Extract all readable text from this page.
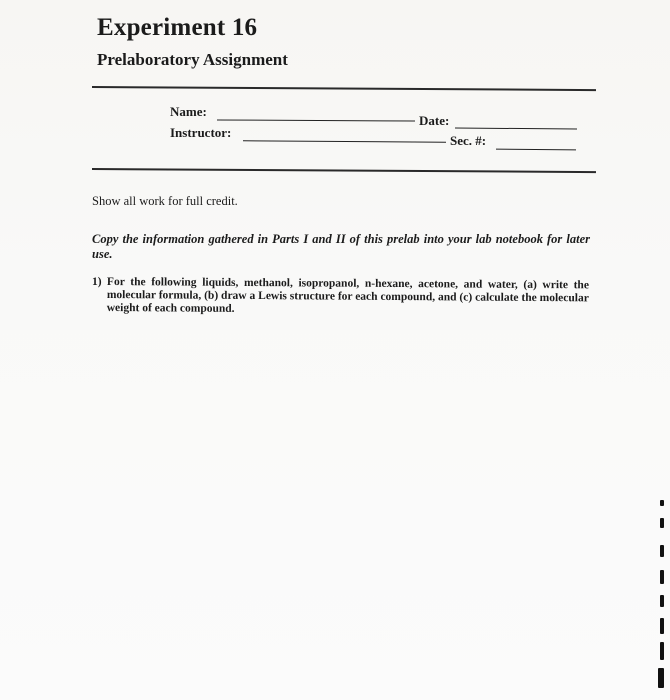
Experiment 16
Prelaboratory Assignment
Name:
Date:
Instructor:
Sec. #:
Show all work for full credit.
Copy the information gathered in Parts I and II of this prelab into your lab notebook for later use.
1) For the following liquids, methanol, isopropanol, n-hexane, acetone, and water, (a) write the molecular formula, (b) draw a Lewis structure for each compound, and (c) calculate the molecular weight of each compound.
